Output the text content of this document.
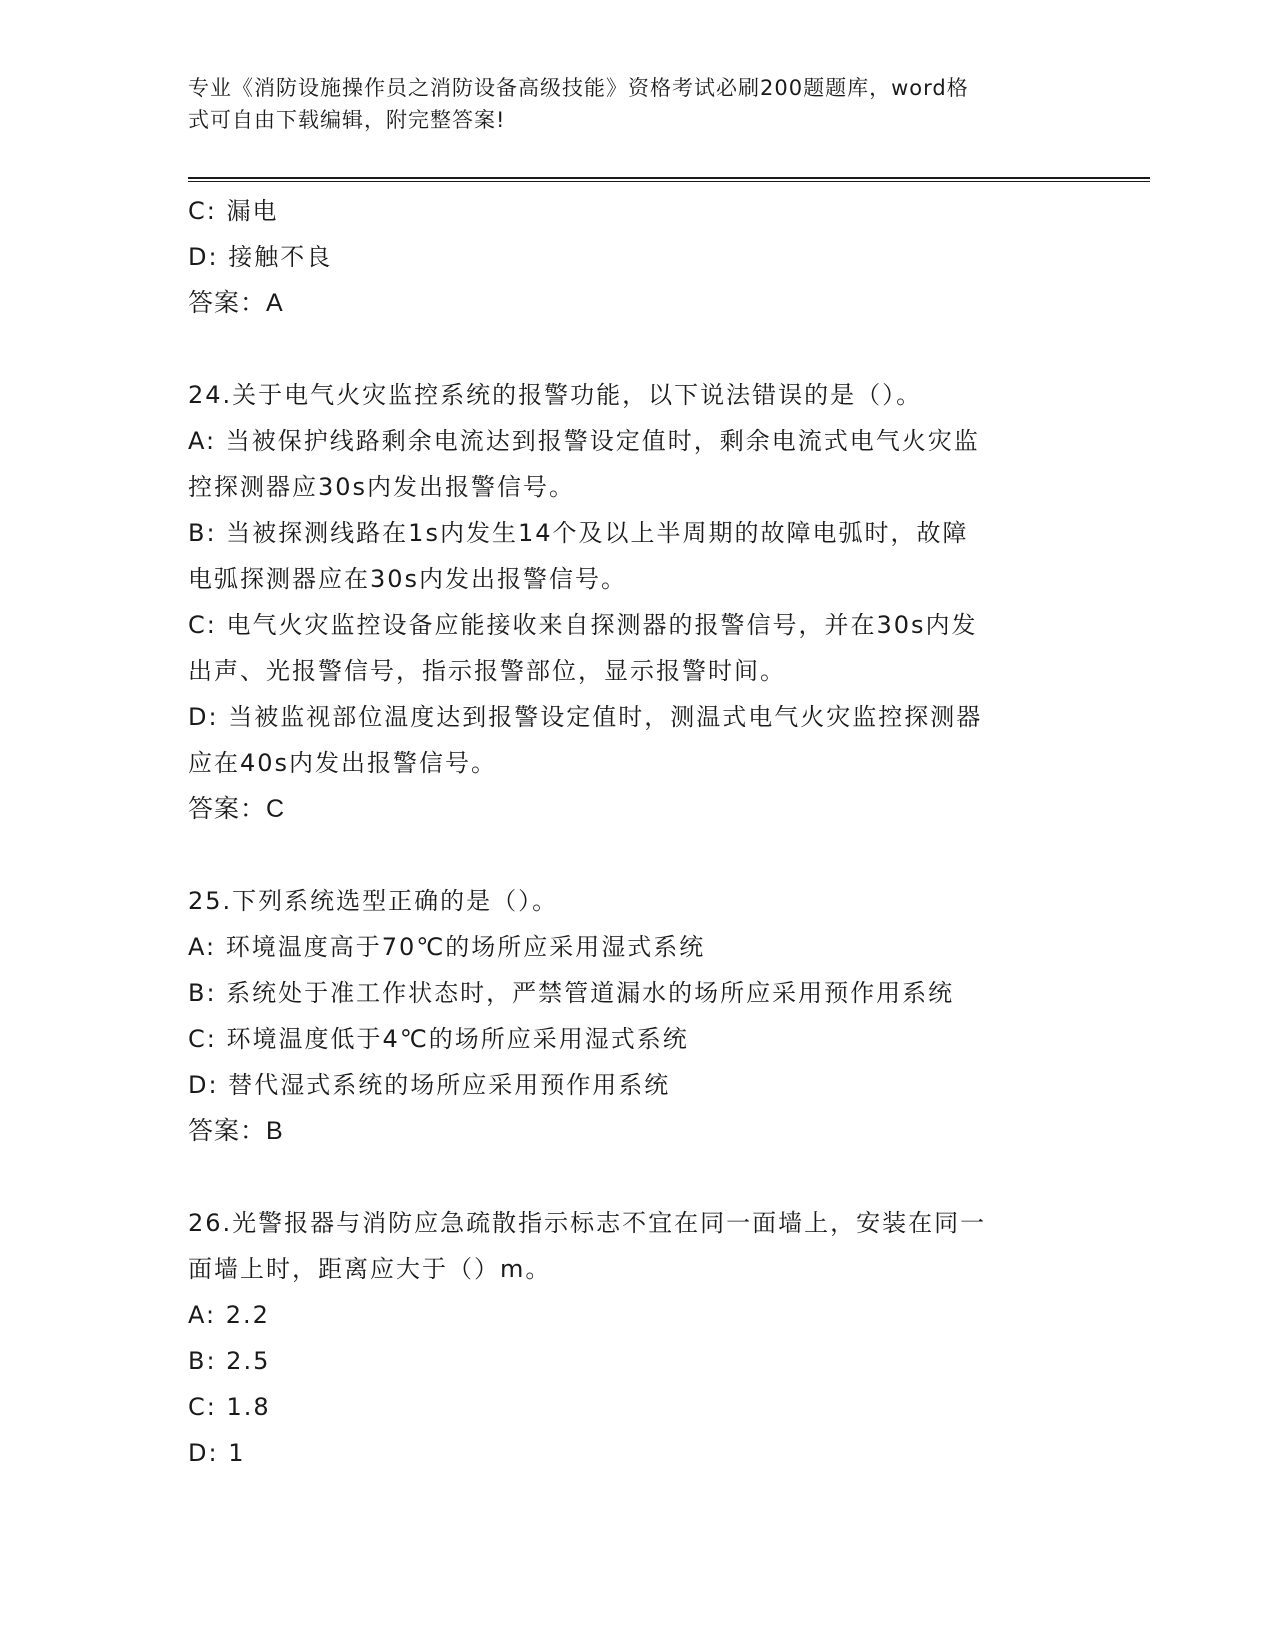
专业《消防设施操作员之消防设备高级技能》资格考试必刷200题题库，word格
式可自由下载编辑，附完整答案!
C: 漏电
D: 接触不良
答案：A
24.关于电气火灾监控系统的报警功能，以下说法错误的是（）。
A: 当被保护线路剩余电流达到报警设定值时，剩余电流式电气火灾监
控探测器应30s内发出报警信号。
B: 当被探测线路在1s内发生14个及以上半周期的故障电弧时，故障
电弧探测器应在30s内发出报警信号。
C: 电气火灾监控设备应能接收来自探测器的报警信号，并在30s内发
出声、光报警信号，指示报警部位，显示报警时间。
D: 当被监视部位温度达到报警设定值时，测温式电气火灾监控探测器
应在40s内发出报警信号。
答案：C
25.下列系统选型正确的是（）。
A: 环境温度高于70℃的场所应采用湿式系统
B: 系统处于准工作状态时，严禁管道漏水的场所应采用预作用系统
C: 环境温度低于4℃的场所应采用湿式系统
D: 替代湿式系统的场所应采用预作用系统
答案：B
26.光警报器与消防应急疏散指示标志不宜在同一面墙上，安装在同一
面墙上时，距离应大于（）m。
A: 2.2
B: 2.5
C: 1.8
D: 1
